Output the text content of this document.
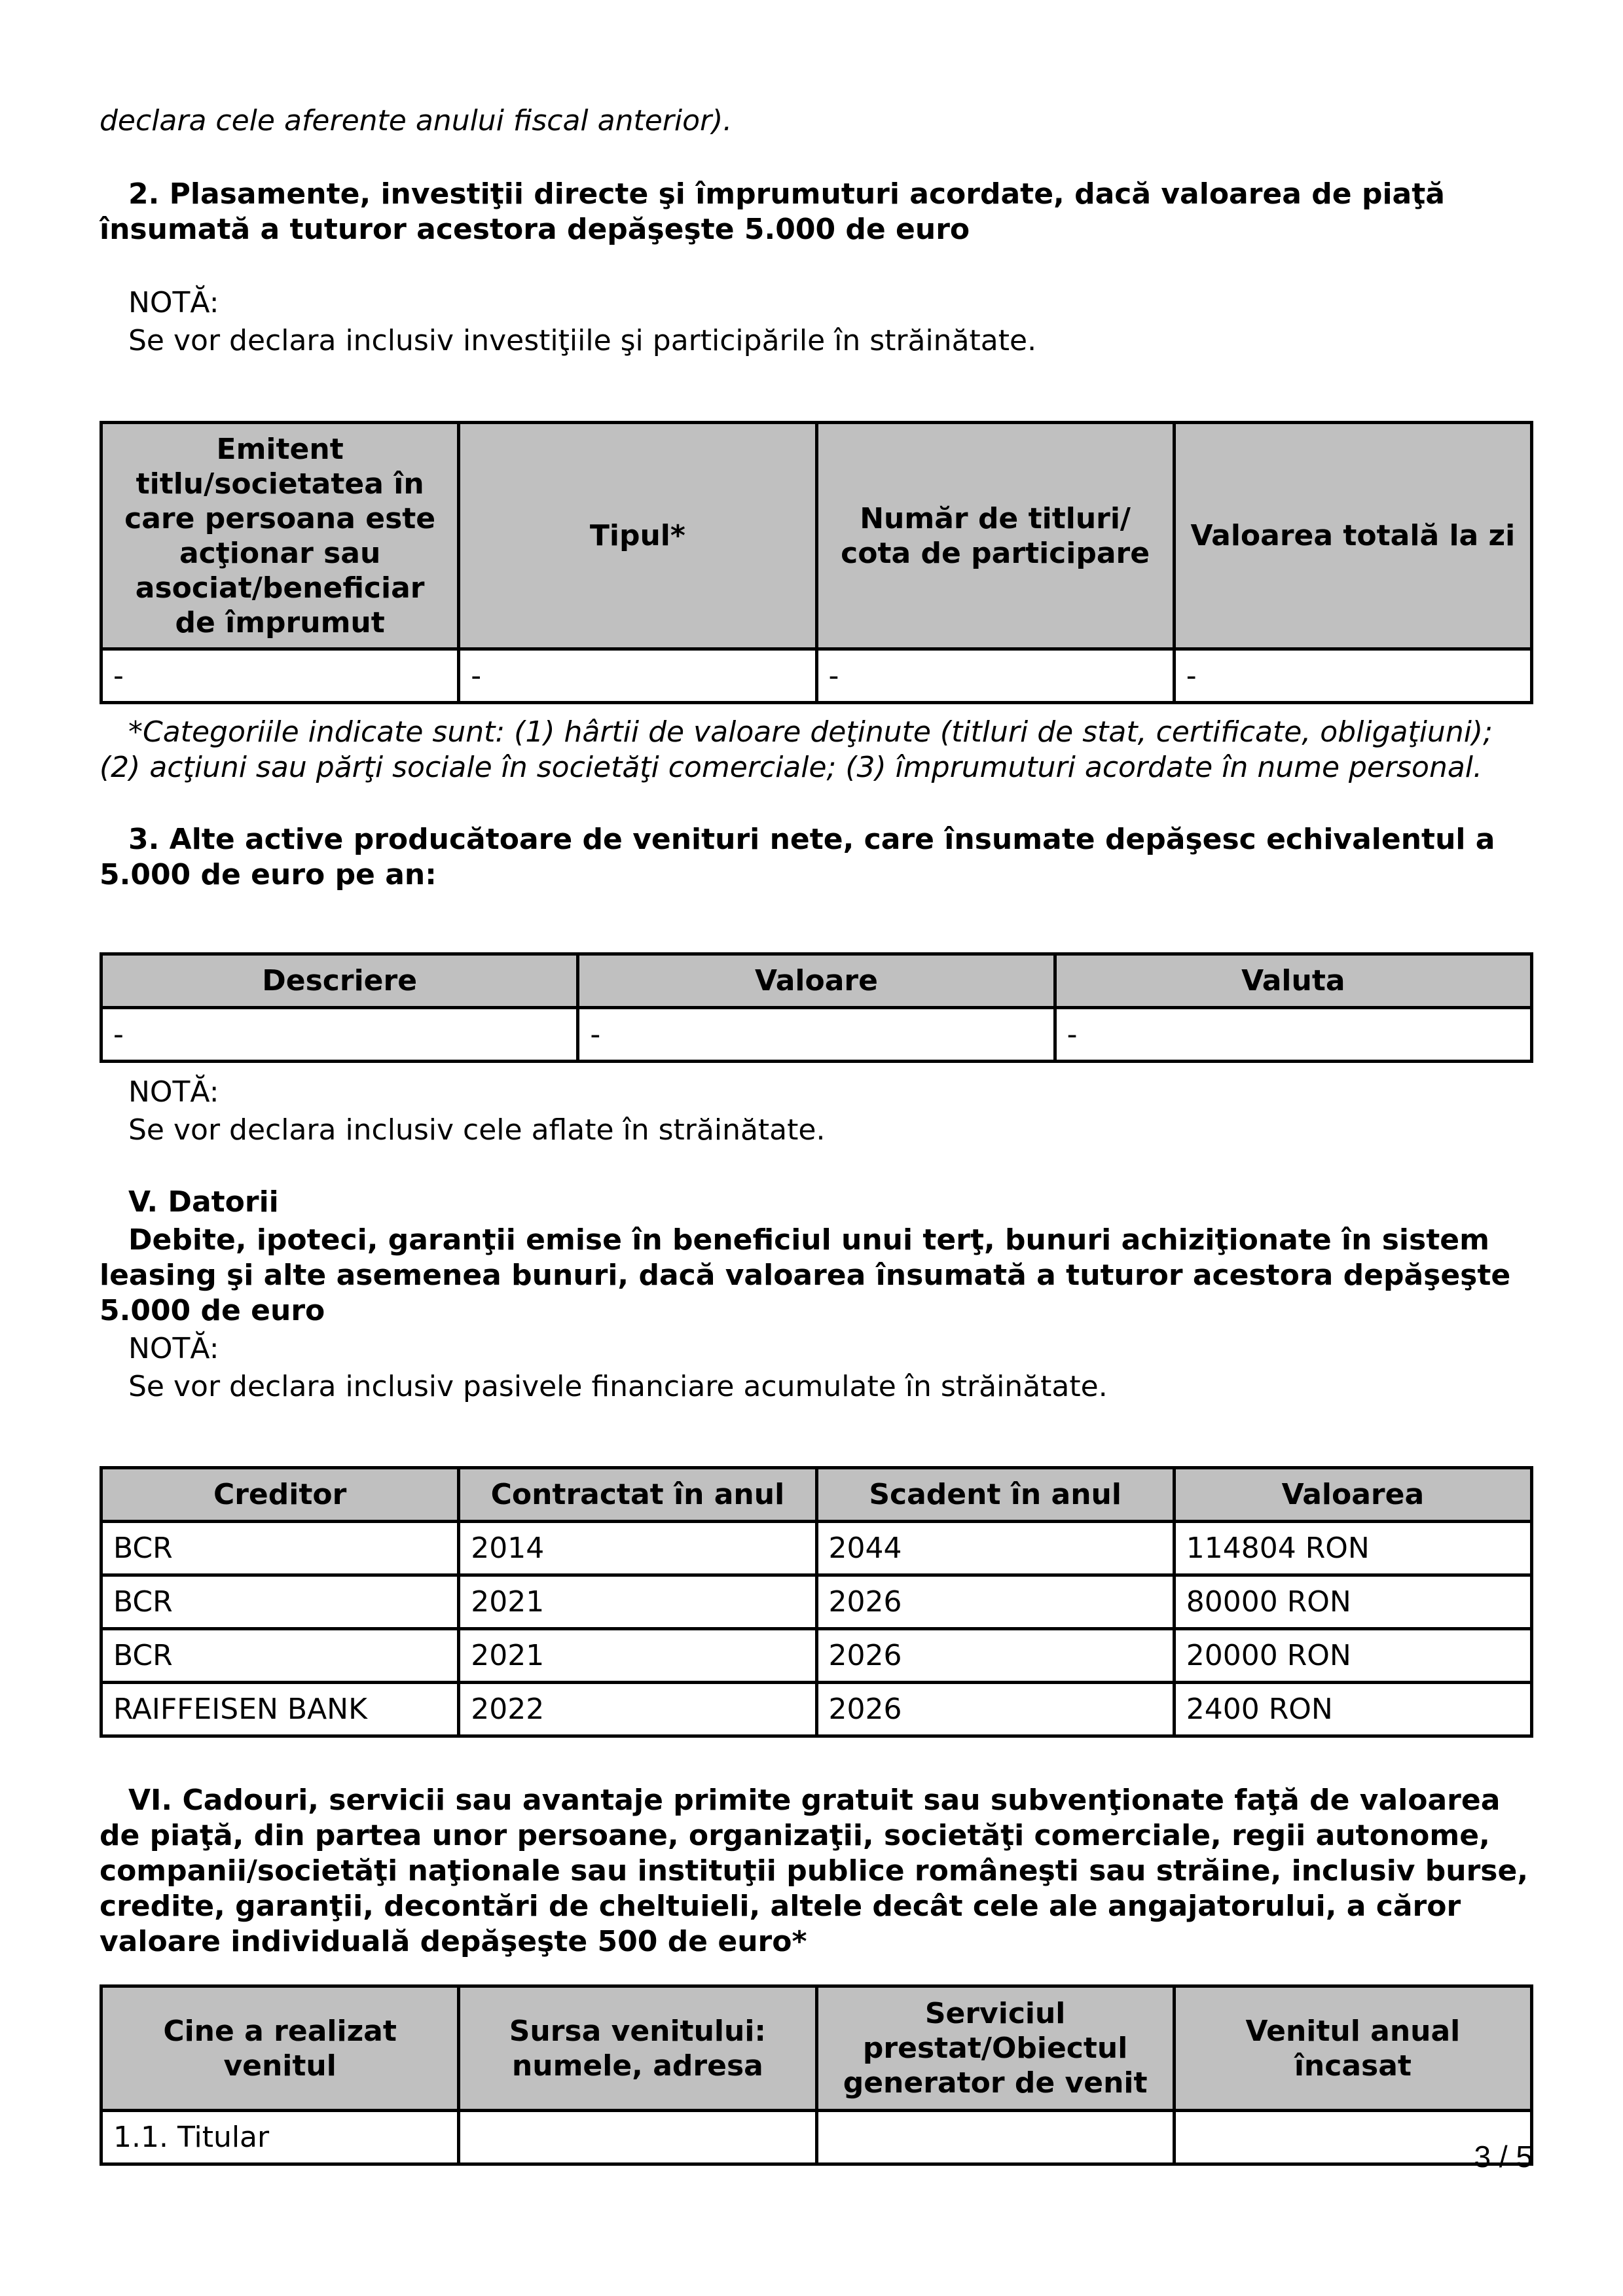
declara cele aferente anului fiscal anterior).

2. Plasamente, investiţii directe şi împrumuturi acordate, dacă valoarea de piaţă însumată a tuturor acestora depăşeşte 5.000 de euro

NOTĂ:

Se vor declara inclusiv investiţiile şi participările în străinătate.

Emitent titlu/societatea în care persoana este acţionar sau asociat/beneficiar de împrumut	Tipul*	Număr de titluri/ cota de participare	Valoarea totală la zi
-	-	-	-

*Categoriile indicate sunt: (1) hârtii de valoare deţinute (titluri de stat, certificate, obligaţiuni); (2) acţiuni sau părţi sociale în societăţi comerciale; (3) împrumuturi acordate în nume personal.

3. Alte active producătoare de venituri nete, care însumate depăşesc echivalentul a 5.000 de euro pe an:

Descriere	Valoare	Valuta
-	-	-

NOTĂ:

Se vor declara inclusiv cele aflate în străinătate.

V. Datorii

Debite, ipoteci, garanţii emise în beneficiul unui terţ, bunuri achiziţionate în sistem leasing şi alte asemenea bunuri, dacă valoarea însumată a tuturor acestora depăşeşte 5.000 de euro

NOTĂ:

Se vor declara inclusiv pasivele financiare acumulate în străinătate.

Creditor	Contractat în anul	Scadent în anul	Valoarea
BCR	2014	2044	114804 RON
BCR	2021	2026	80000 RON
BCR	2021	2026	20000 RON
RAIFFEISEN BANK	2022	2026	2400 RON

VI. Cadouri, servicii sau avantaje primite gratuit sau subvenţionate faţă de valoarea de piaţă, din partea unor persoane, organizaţii, societăţi comerciale, regii autonome, companii/societăţi naţionale sau instituţii publice româneşti sau străine, inclusiv burse, credite, garanţii, decontări de cheltuieli, altele decât cele ale angajatorului, a căror valoare individuală depăşeşte 500 de euro*

Cine a realizat venitul	Sursa venitului: numele, adresa	Serviciul prestat/Obiectul generator de venit	Venitul anual încasat
1.1. Titular			
3 / 5
